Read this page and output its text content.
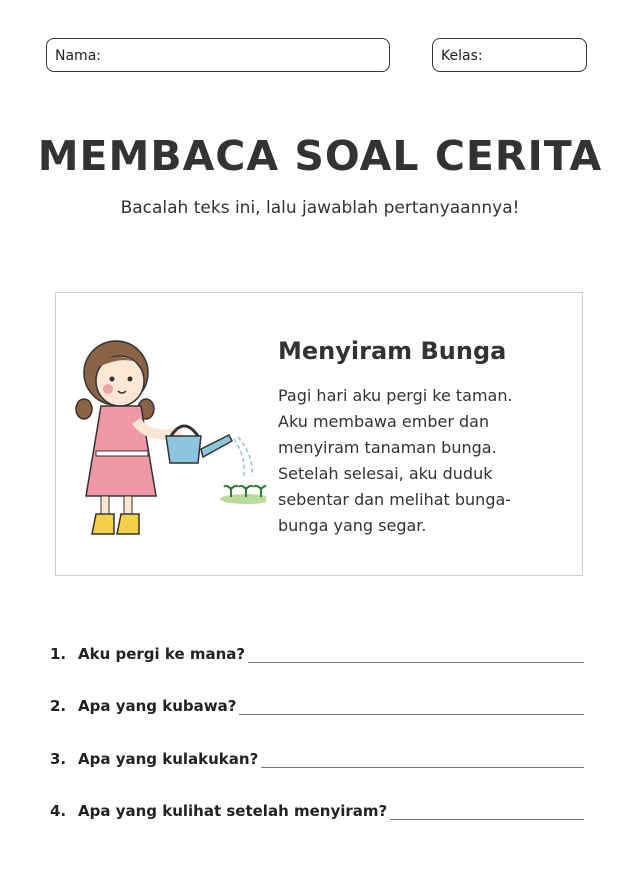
Nama:	Kelas:
MEMBACA SOAL CERITA
Bacalah teks ini, lalu jawablah pertanyaannya!
Menyiram Bunga
Pagi hari aku pergi ke taman.
Aku membawa ember dan
menyiram tanaman bunga.
Setelah selesai, aku duduk
sebentar dan melihat bunga-
bunga yang segar.
1. Aku pergi ke mana?
2. Apa yang kubawa?
3. Apa yang kulakukan?
4. Apa yang kulihat setelah menyiram?
